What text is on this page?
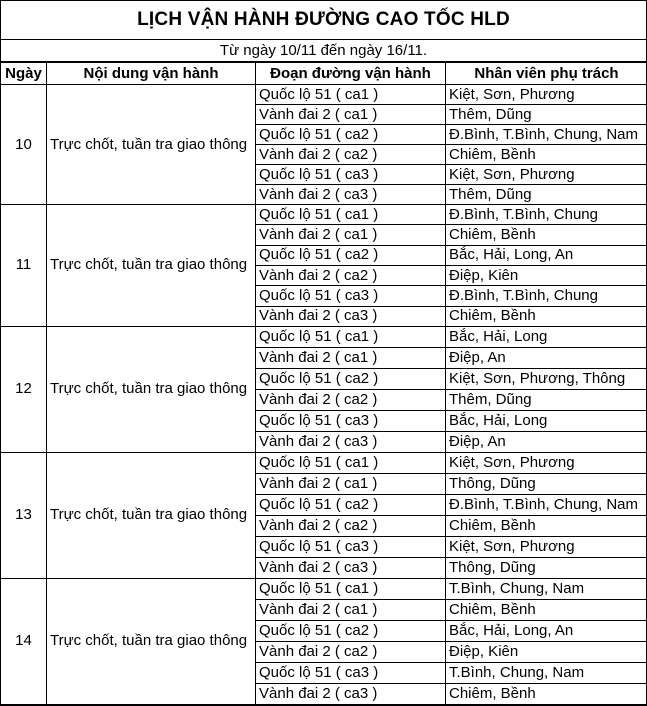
LỊCH VẬN HÀNH ĐƯỜNG CAO TỐC HLD
Từ ngày 10/11 đến ngày 16/11.
Ngày	Nội dung vận hành	Đoạn đường vận hành	Nhân viên phụ trách
10	Trực chốt, tuần tra giao thông	Quốc lộ 51 ( ca1 )	Kiệt, Sơn, Phương
		Vành đai 2 ( ca1 )	Thêm, Dũng
		Quốc lộ 51 ( ca2 )	Đ.Bình, T.Bình, Chung, Nam
		Vành đai 2 ( ca2 )	Chiêm, Bềnh
		Quốc lộ 51 ( ca3 )	Kiệt, Sơn, Phương
		Vành đai 2 ( ca3 )	Thêm, Dũng
11	Trực chốt, tuần tra giao thông	Quốc lộ 51 ( ca1 )	Đ.Bình, T.Bình, Chung
		Vành đai 2 ( ca1 )	Chiêm, Bềnh
		Quốc lộ 51 ( ca2 )	Bắc, Hải, Long, An
		Vành đai 2 ( ca2 )	Điệp, Kiên
		Quốc lộ 51 ( ca3 )	Đ.Bình, T.Bình, Chung
		Vành đai 2 ( ca3 )	Chiêm, Bềnh
12	Trực chốt, tuần tra giao thông	Quốc lộ 51 ( ca1 )	Bắc, Hải, Long
		Vành đai 2 ( ca1 )	Điệp, An
		Quốc lộ 51 ( ca2 )	Kiệt, Sơn, Phương, Thông
		Vành đai 2 ( ca2 )	Thêm, Dũng
		Quốc lộ 51 ( ca3 )	Bắc, Hải, Long
		Vành đai 2 ( ca3 )	Điệp, An
13	Trực chốt, tuần tra giao thông	Quốc lộ 51 ( ca1 )	Kiệt, Sơn, Phương
		Vành đai 2 ( ca1 )	Thông, Dũng
		Quốc lộ 51 ( ca2 )	Đ.Bình, T.Bình, Chung, Nam
		Vành đai 2 ( ca2 )	Chiêm, Bềnh
		Quốc lộ 51 ( ca3 )	Kiệt, Sơn, Phương
		Vành đai 2 ( ca3 )	Thông, Dũng
14	Trực chốt, tuần tra giao thông	Quốc lộ 51 ( ca1 )	T.Bình, Chung, Nam
		Vành đai 2 ( ca1 )	Chiêm, Bềnh
		Quốc lộ 51 ( ca2 )	Bắc, Hải, Long, An
		Vành đai 2 ( ca2 )	Điệp, Kiên
		Quốc lộ 51 ( ca3 )	T.Bình, Chung, Nam
		Vành đai 2 ( ca3 )	Chiêm, Bềnh
